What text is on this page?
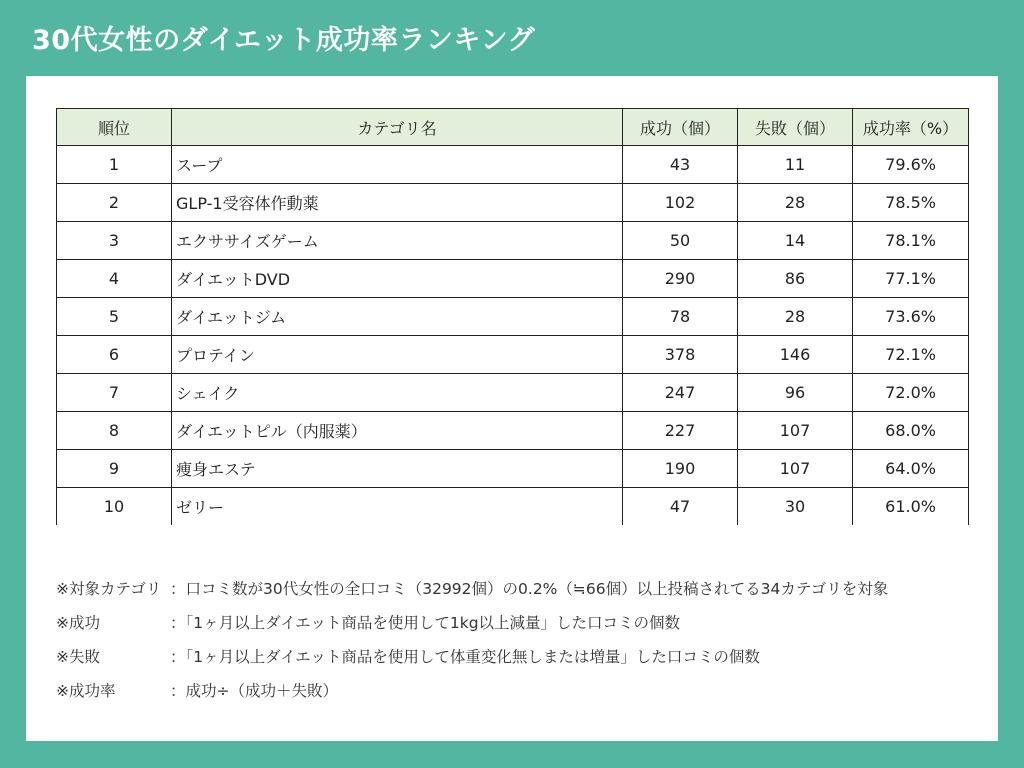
30代女性のダイエット成功率ランキング
順位	カテゴリ名	成功（個）	失敗（個）	成功率（%）
1	スープ	43	11	79.6%
2	GLP-1受容体作動薬	102	28	78.5%
3	エクササイズゲーム	50	14	78.1%
4	ダイエットDVD	290	86	77.1%
5	ダイエットジム	78	28	73.6%
6	プロテイン	378	146	72.1%
7	シェイク	247	96	72.0%
8	ダイエットピル（内服薬）	227	107	68.0%
9	痩身エステ	190	107	64.0%
10	ゼリー	47	30	61.0%
※対象カテゴリ ：口コミ数が30代女性の全口コミ（32992個）の0.2%（≒66個）以上投稿されてる34カテゴリを対象
※成功	：「1ヶ月以上ダイエット商品を使用して1kg以上減量」した口コミの個数
※失敗	：「1ヶ月以上ダイエット商品を使用して体重変化無しまたは増量」した口コミの個数
※成功率	：成功÷（成功＋失敗）
